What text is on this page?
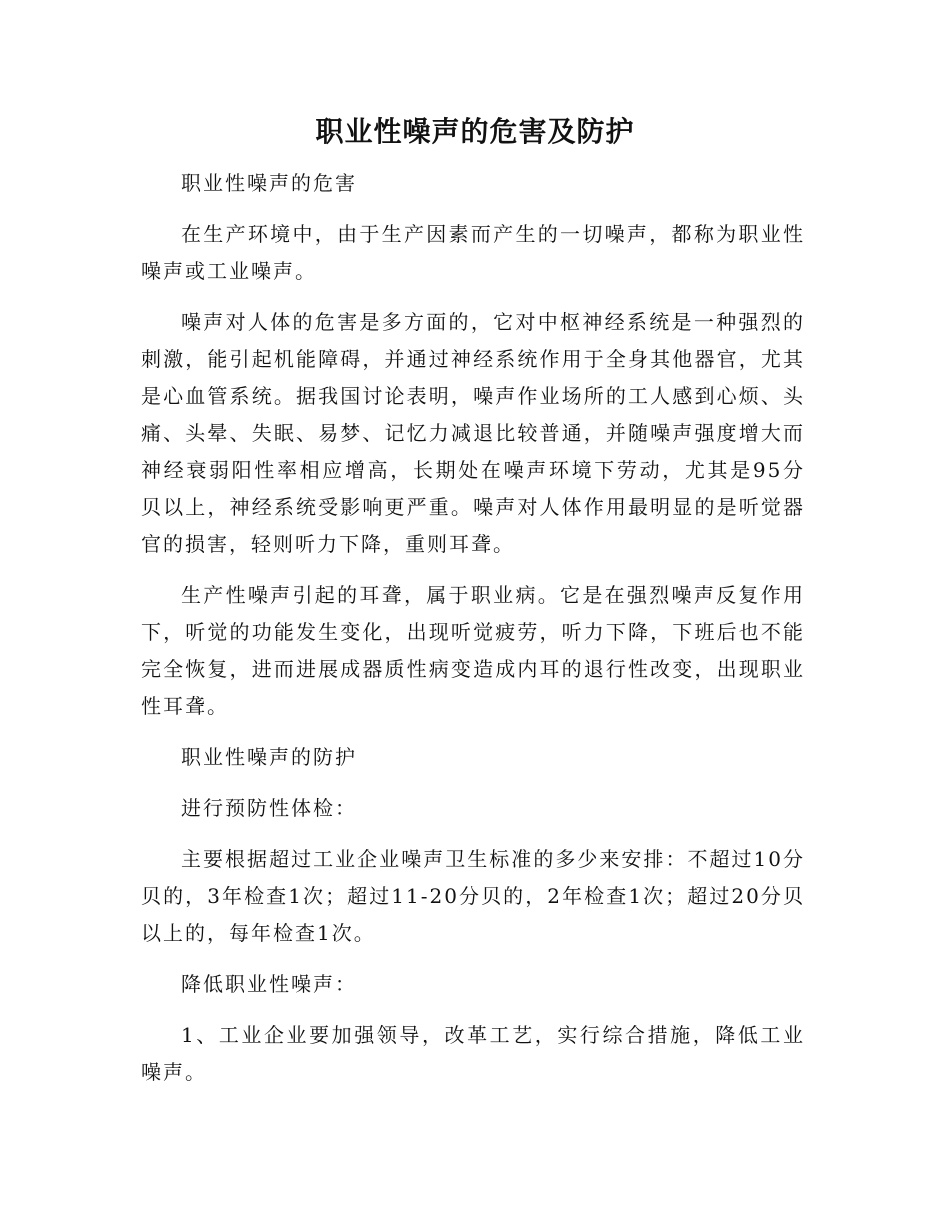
职业性噪声的危害及防护

职业性噪声的危害

在生产环境中，由于生产因素而产生的一切噪声，都称为职业性噪声或工业噪声。

噪声对人体的危害是多方面的，它对中枢神经系统是一种强烈的刺激，能引起机能障碍，并通过神经系统作用于全身其他器官，尤其是心血管系统。据我国讨论表明，噪声作业场所的工人感到心烦、头痛、头晕、失眠、易梦、记忆力减退比较普通，并随噪声强度增大而神经衰弱阳性率相应增高，长期处在噪声环境下劳动，尤其是95分贝以上，神经系统受影响更严重。噪声对人体作用最明显的是听觉器官的损害，轻则听力下降，重则耳聋。

生产性噪声引起的耳聋，属于职业病。它是在强烈噪声反复作用下，听觉的功能发生变化，出现听觉疲劳，听力下降，下班后也不能完全恢复，进而进展成器质性病变造成内耳的退行性改变，出现职业性耳聋。

职业性噪声的防护

进行预防性体检：

主要根据超过工业企业噪声卫生标准的多少来安排：不超过10分贝的，3年检查1次；超过11-20分贝的，2年检查1次；超过20分贝以上的，每年检查1次。

降低职业性噪声：

1、工业企业要加强领导，改革工艺，实行综合措施，降低工业噪声。
